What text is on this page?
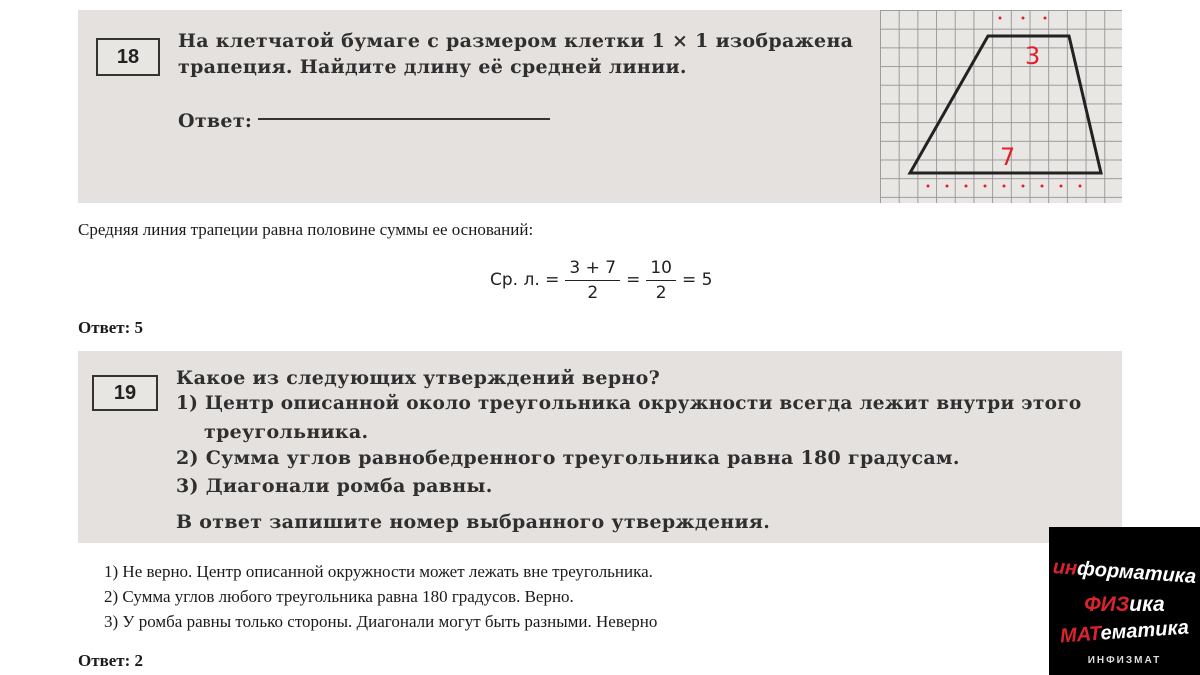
18
На клетчатой бумаге с размером клетки 1 × 1 изображена
трапеция. Найдите длину её средней линии.
Ответ:
3
7
Средняя линия трапеции равна половине суммы ее оснований:
Ср. л. = $\frac{3 + 7}{2} = \frac{10}{2} = 5$
Ответ: 5
19
Какое из следующих утверждений верно?
1) Центр описанной около треугольника окружности всегда лежит внутри этого
треугольника.
2) Сумма углов равнобедренного треугольника равна 180 градусам.
3) Диагонали ромба равны.
В ответ запишите номер выбранного утверждения.
1) Не верно. Центр описанной окружности может лежать вне треугольника.
2) Сумма углов любого треугольника равна 180 градусов. Верно.
3) У ромба равны только стороны. Диагонали могут быть разными. Неверно
Ответ: 2
информатика
ФИЗика
МАТематика
ИНФИЗМАТ
